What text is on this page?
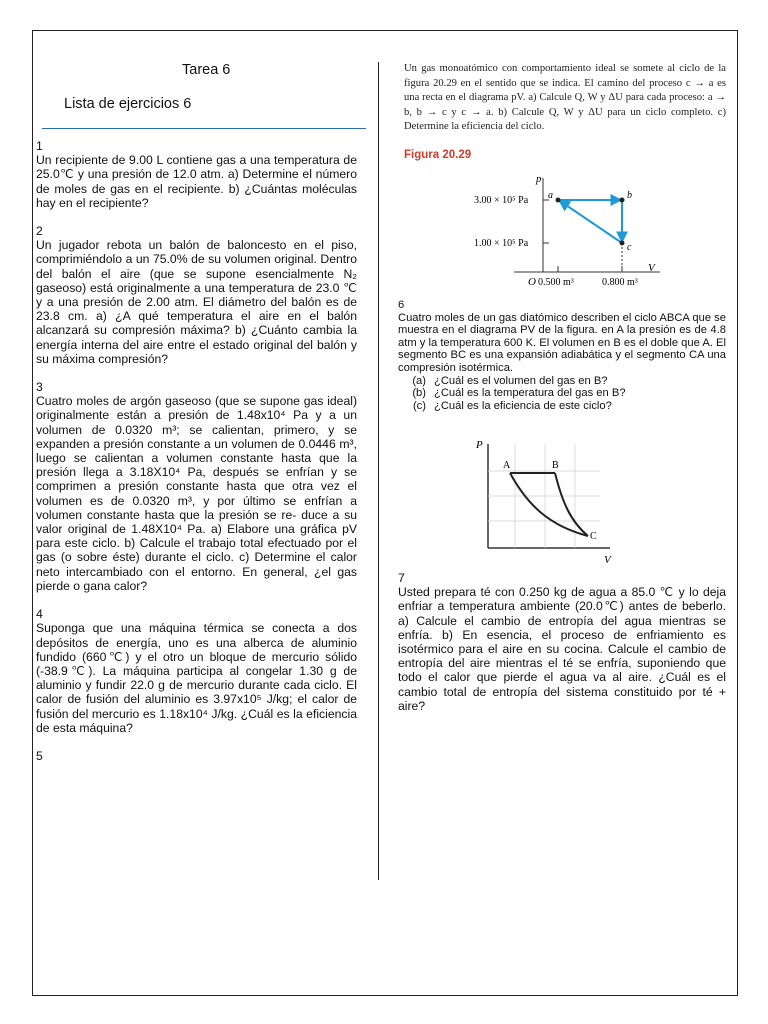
Tarea 6
Lista de ejercicios 6
1
Un recipiente de 9.00 L contiene gas a una temperatura de 25.0℃ y una presión de 12.0 atm. a) Determine el número de moles de gas en el recipiente. b) ¿Cuántas moléculas hay en el recipiente?
2
Un jugador rebota un balón de baloncesto en el piso, comprimiéndolo a un 75.0% de su volumen original. Dentro del balón el aire (que se supone esencialmente N₂ gaseoso) está originalmente a una temperatura de 23.0 ℃ y a una presión de 2.00 atm. El diámetro del balón es de 23.8 cm. a) ¿A qué temperatura el aire en el balón alcanzará su compresión máxima? b) ¿Cuánto cambia la energía interna del aire entre el estado original del balón y su máxima compresión?
3
Cuatro moles de argón gaseoso (que se supone gas ideal) originalmente están a presión de 1.48x10⁴ Pa y a un volumen de 0.0320 m³; se calientan, primero, y se expanden a presión constante a un volumen de 0.0446 m³, luego se calientan a volumen constante hasta que la presión llega a 3.18X10⁴ Pa, después se enfrían y se comprimen a presión constante hasta que otra vez el volumen es de 0.0320 m³, y por último se enfrían a volumen constante hasta que la presión se re- duce a su valor original de 1.48X10⁴ Pa. a) Elabore una gráfica pV para este ciclo. b) Calcule el trabajo total efectuado por el gas (o sobre éste) durante el ciclo. c) Determine el calor neto intercambiado con el entorno. En general, ¿el gas pierde o gana calor?
4
Suponga que una máquina térmica se conecta a dos depósitos de energía, uno es una alberca de aluminio fundido (660℃) y el otro un bloque de mercurio sólido (-38.9℃). La máquina participa al congelar 1.30 g de aluminio y fundir 22.0 g de mercurio durante cada ciclo. El calor de fusión del aluminio es 3.97x10⁵ J/kg; el calor de fusión del mercurio es 1.18x10⁴ J/kg. ¿Cuál es la eficiencia de esta máquina?
5
Un gas monoatómico con comportamiento ideal se somete al ciclo de la figura 20.29 en el sentido que se indica. El camino del proceso c → a es una recta en el diagrama pV. a) Calcule Q, W y ΔU para cada proceso: a → b, b → c y c → a. b) Calcule Q, W y ΔU para un ciclo completo. c) Determine la eficiencia del ciclo.
Figura 20.29
p
V
O
3.00 × 10⁵ Pa
1.00 × 10⁵ Pa
0.500 m³	0.800 m³
a	b
c
6
Cuatro moles de un gas diatómico describen el ciclo ABCA que se muestra en el diagrama PV de la figura. en A la presión es de 4.8 atm y la temperatura 600 K. El volumen en B es el doble que A. El segmento BC es una expansión adiabática y el segmento CA una compresión isotérmica.
(a) ¿Cuál es el volumen del gas en B?
(b) ¿Cuál es la temperatura del gas en B?
(c) ¿Cuál es la eficiencia de este ciclo?
P
V
A	B
C
7
Usted prepara té con 0.250 kg de agua a 85.0 ℃ y lo deja enfriar a temperatura ambiente (20.0℃) antes de beberlo. a) Calcule el cambio de entropía del agua mientras se enfría. b) En esencia, el proceso de enfriamiento es isotérmico para el aire en su cocina. Calcule el cambio de entropía del aire mientras el té se enfría, suponiendo que todo el calor que pierde el agua va al aire. ¿Cuál es el cambio total de entropía del sistema constituido por té + aire?
